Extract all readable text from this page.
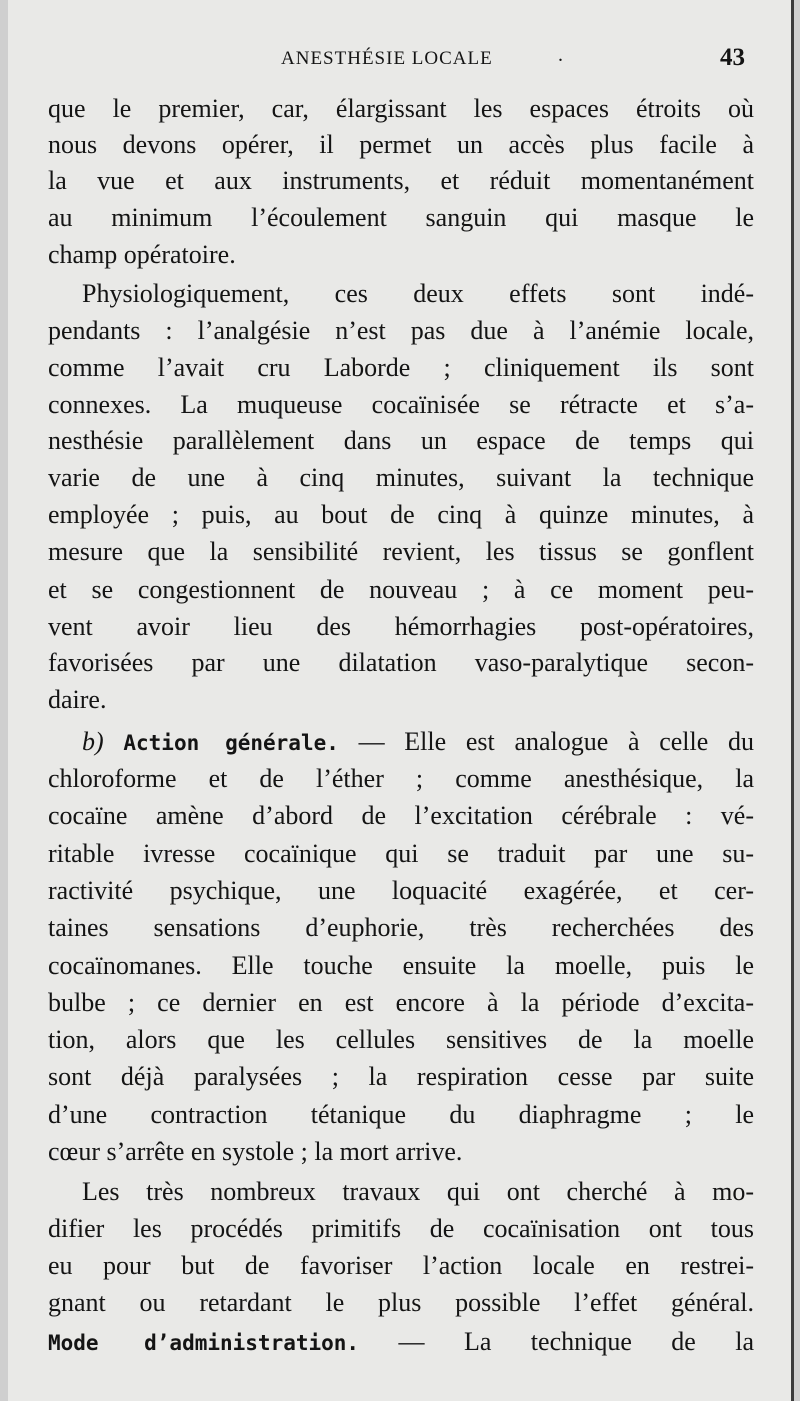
ANESTHÉSIE LOCALE	.	43
que le premier, car, élargissant les espaces étroits où
nous devons opérer, il permet un accès plus facile à
la vue et aux instruments, et réduit momentanément
au minimum l’écoulement sanguin qui masque le
champ opératoire.
Physiologiquement, ces deux effets sont indé-
pendants : l’analgésie n’est pas due à l’anémie locale,
comme l’avait cru Laborde ; cliniquement ils sont
connexes. La muqueuse cocaïnisée se rétracte et s’a-
nesthésie parallèlement dans un espace de temps qui
varie de une à cinq minutes, suivant la technique
employée ; puis, au bout de cinq à quinze minutes, à
mesure que la sensibilité revient, les tissus se gonflent
et se congestionnent de nouveau ; à ce moment peu-
vent avoir lieu des hémorrhagies post-opératoires,
favorisées par une dilatation vaso-paralytique secon-
daire.
b) Action générale. — Elle est analogue à celle du
chloroforme et de l’éther ; comme anesthésique, la
cocaïne amène d’abord de l’excitation cérébrale : vé-
ritable ivresse cocaïnique qui se traduit par une su-
ractivité psychique, une loquacité exagérée, et cer-
taines sensations d’euphorie, très recherchées des
cocaïnomanes. Elle touche ensuite la moelle, puis le
bulbe ; ce dernier en est encore à la période d’excita-
tion, alors que les cellules sensitives de la moelle
sont déjà paralysées ; la respiration cesse par suite
d’une contraction tétanique du diaphragme ; le
cœur s’arrête en systole ; la mort arrive.
Les très nombreux travaux qui ont cherché à mo-
difier les procédés primitifs de cocaïnisation ont tous
eu pour but de favoriser l’action locale en restrei-
gnant ou retardant le plus possible l’effet général.
Mode d’administration. — La technique de la
